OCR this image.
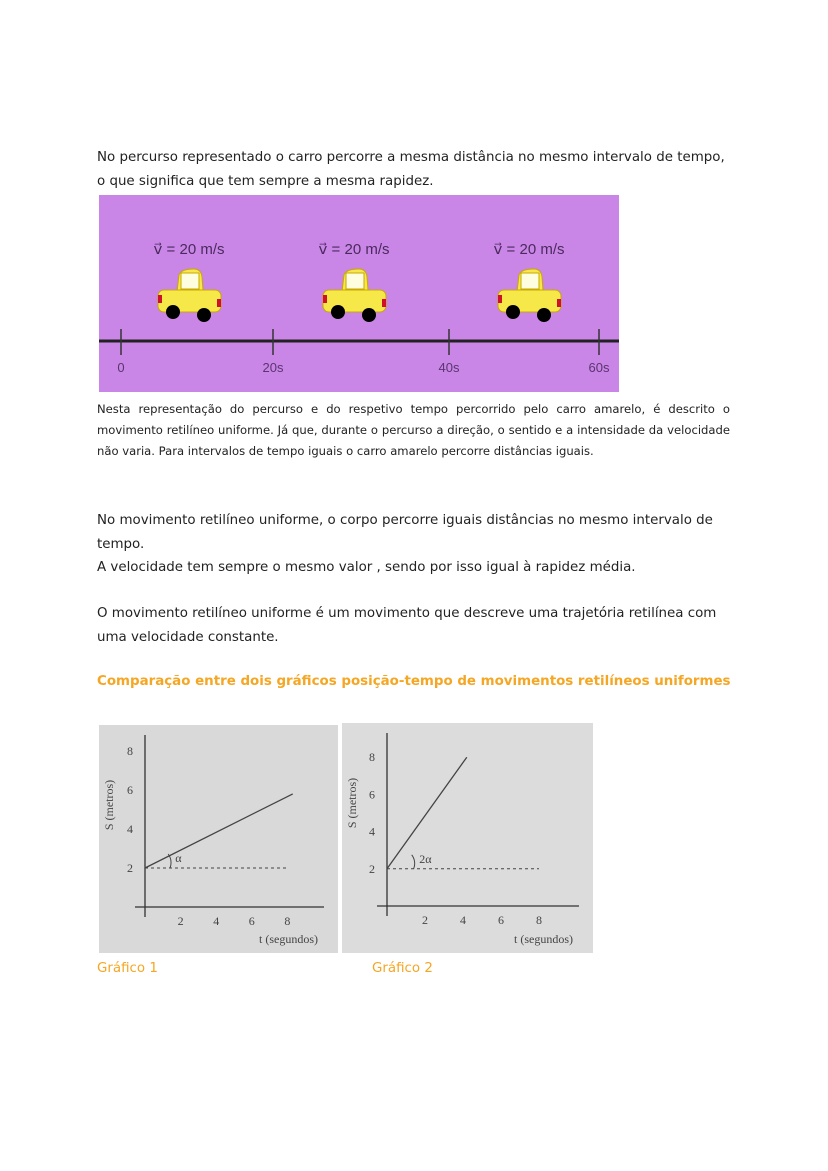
No percurso representado o carro percorre a mesma distância no mesmo intervalo de tempo, o que significa que tem sempre a mesma rapidez.

0	20s	40s	60s
v⃗ = 20 m/s	v⃗ = 20 m/s	v⃗ = 20 m/s

Nesta representação do percurso e do respetivo tempo percorrido pelo carro amarelo, é descrito o movimento retilíneo uniforme. Já que, durante o percurso a direção, o sentido e a intensidade da velocidade não varia. Para intervalos de tempo iguais o carro amarelo percorre distâncias iguais.

No movimento retilíneo uniforme, o corpo percorre iguais distâncias no mesmo intervalo de tempo.

A velocidade tem sempre o mesmo valor , sendo por isso igual à rapidez média.

O movimento retilíneo uniforme é um movimento que descreve uma trajetória retilínea com uma velocidade constante.

Comparação entre dois gráficos posição-tempo de movimentos retilíneos uniformes

S (metros)
t (segundos)
2
4
6
8
2 4 6 8
α
S (metros)
t (segundos)
2
4
6
8
2	4	6	8
2α
Gráfico 1	Gráfico 2
